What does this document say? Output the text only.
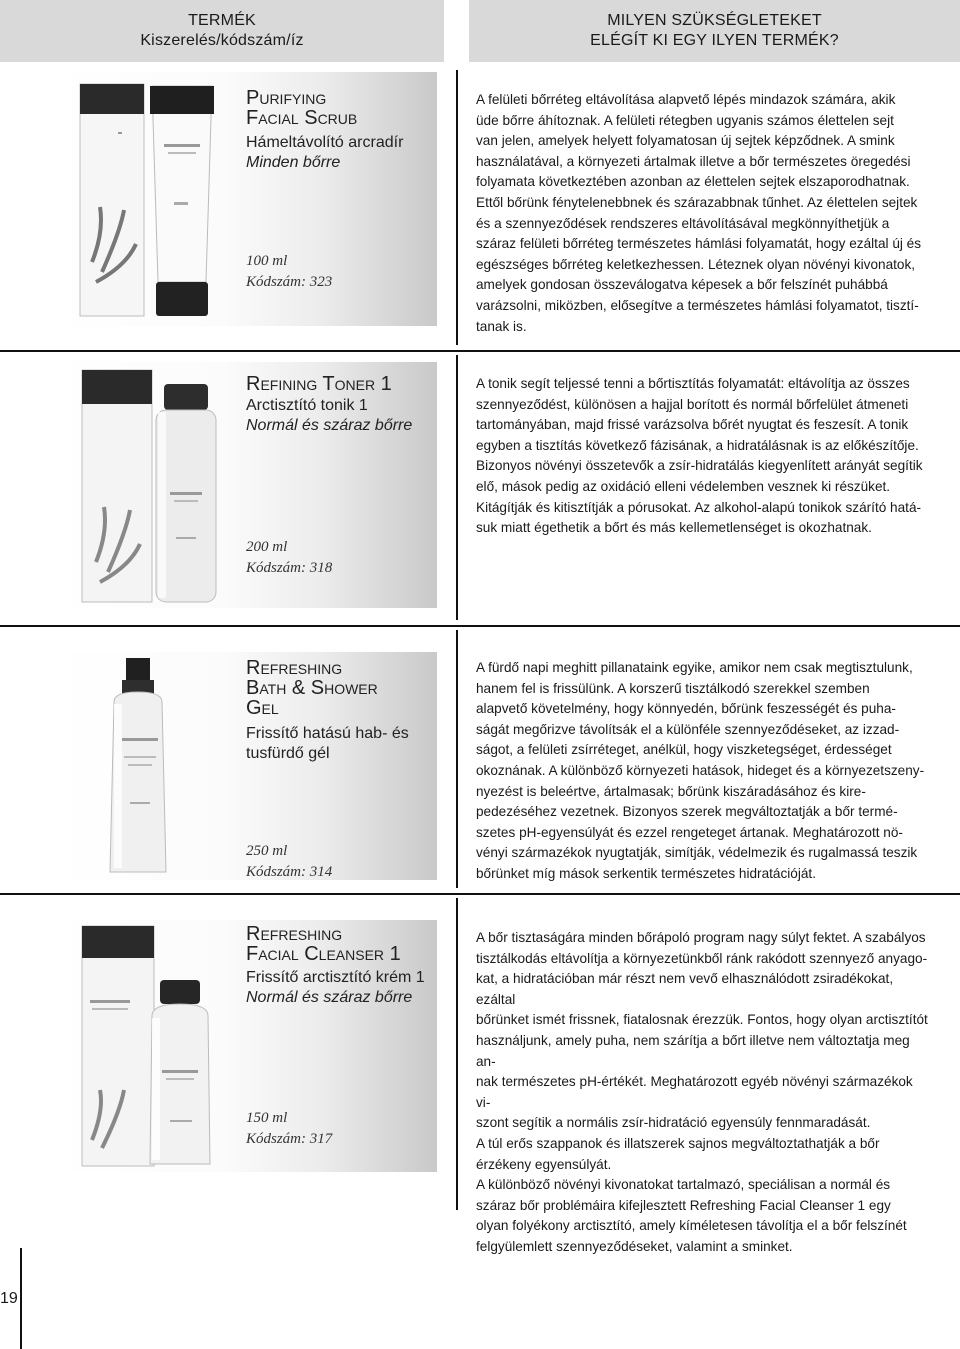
TERMÉK
Kiszerelés/kódszám/íz
MILYEN SZÜKSÉGLETEKET
ELÉGÍT KI EGY ILYEN TERMÉK?
Purifying
Facial Scrub
Hámeltávolító arcradír
Minden bőrre
100 ml
Kódszám: 323
A felületi bőrréteg eltávolítása alapvető lépés mindazok számára, akik
üde bőrre áhítoznak. A felületi rétegben ugyanis számos élettelen sejt
van jelen, amelyek helyett folyamatosan új sejtek képződnek. A smink
használatával, a környezeti ártalmak illetve a bőr természetes öregedési
folyamata következtében azonban az élettelen sejtek elszaporodhatnak.
Ettől bőrünk fénytelenebbnek és szárazabbnak tűnhet. Az élettelen sejtek
és a szennyeződések rendszeres eltávolításával megkönnyíthetjük a
száraz felületi bőrréteg természetes hámlási folyamatát, hogy ezáltal új és
egészséges bőrréteg keletkezhessen. Léteznek olyan növényi kivonatok,
amelyek gondosan összeválogatva képesek a bőr felszínét puhábbá
varázsolni, miközben, elősegítve a természetes hámlási folyamatot, tisztí-
tanak is.
Refining Toner 1
Arctisztító tonik 1
Normál és száraz bőrre
200 ml
Kódszám: 318
A tonik segít teljessé tenni a bőrtisztítás folyamatát: eltávolítja az összes
szennyeződést, különösen a hajjal borított és normál bőrfelület átmeneti
tartományában, majd frissé varázsolva bőrét nyugtat és feszesít. A tonik
egyben a tisztítás következő fázisának, a hidratálásnak is az előkészítője.
Bizonyos növényi összetevők a zsír-hidratálás kiegyenlített arányát segítik
elő, mások pedig az oxidáció elleni védelemben vesznek ki részüket.
Kitágítják és kitisztítják a pórusokat. Az alkohol-alapú tonikok szárító hatá-
suk miatt égethetik a bőrt és más kellemetlenséget is okozhatnak.
Refreshing
Bath & Shower
Gel
Frissítő hatású hab- és
tusfürdő gél
250 ml
Kódszám: 314
A fürdő napi meghitt pillanataink egyike, amikor nem csak megtisztulunk,
hanem fel is frissülünk. A korszerű tisztálkodó szerekkel szemben
alapvető követelmény, hogy könnyedén, bőrünk feszességét és puha-
ságát megőrizve távolítsák el a különféle szennyeződéseket, az izzad-
ságot, a felületi zsírréteget, anélkül, hogy viszketegséget, érdességet
okoznának. A különböző környezeti hatások, hideget és a környezetszeny-
nyezést is beleértve, ártalmasak; bőrünk kiszáradásához és kire-
pedezéséhez vezetnek. Bizonyos szerek megváltoztatják a bőr termé-
szetes pH-egyensúlyát és ezzel rengeteget ártanak. Meghatározott nö-
vényi származékok nyugtatják, simítják, védelmezik és rugalmassá teszik
bőrünket míg mások serkentik természetes hidratációját.
Refreshing
Facial Cleanser 1
Frissítő arctisztító krém 1
Normál és száraz bőrre
150 ml
Kódszám: 317
A bőr tisztaságára minden bőrápoló program nagy súlyt fektet. A szabályos
tisztálkodás eltávolítja a környezetünkből ránk rakódott szennyező anyago-
kat, a hidratációban már részt nem vevő elhasználódott zsiradékokat, ezáltal
bőrünket ismét frissnek, fiatalosnak érezzük. Fontos, hogy olyan arctisztítót
használjunk, amely puha, nem szárítja a bőrt illetve nem változtatja meg an-
nak természetes pH-értékét. Meghatározott egyéb növényi származékok vi-
szont segítik a normális zsír-hidratáció egyensúly fennmaradását.
A túl erős szappanok és illatszerek sajnos megváltoztathatják a bőr
érzékeny egyensúlyát.
A különböző növényi kivonatokat tartalmazó, speciálisan a normál és
száraz bőr problémáira kifejlesztett Refreshing Facial Cleanser 1 egy
olyan folyékony arctisztító, amely kíméletesen távolítja el a bőr felszínét
felgyülemlett szennyeződéseket, valamint a sminket.
19
